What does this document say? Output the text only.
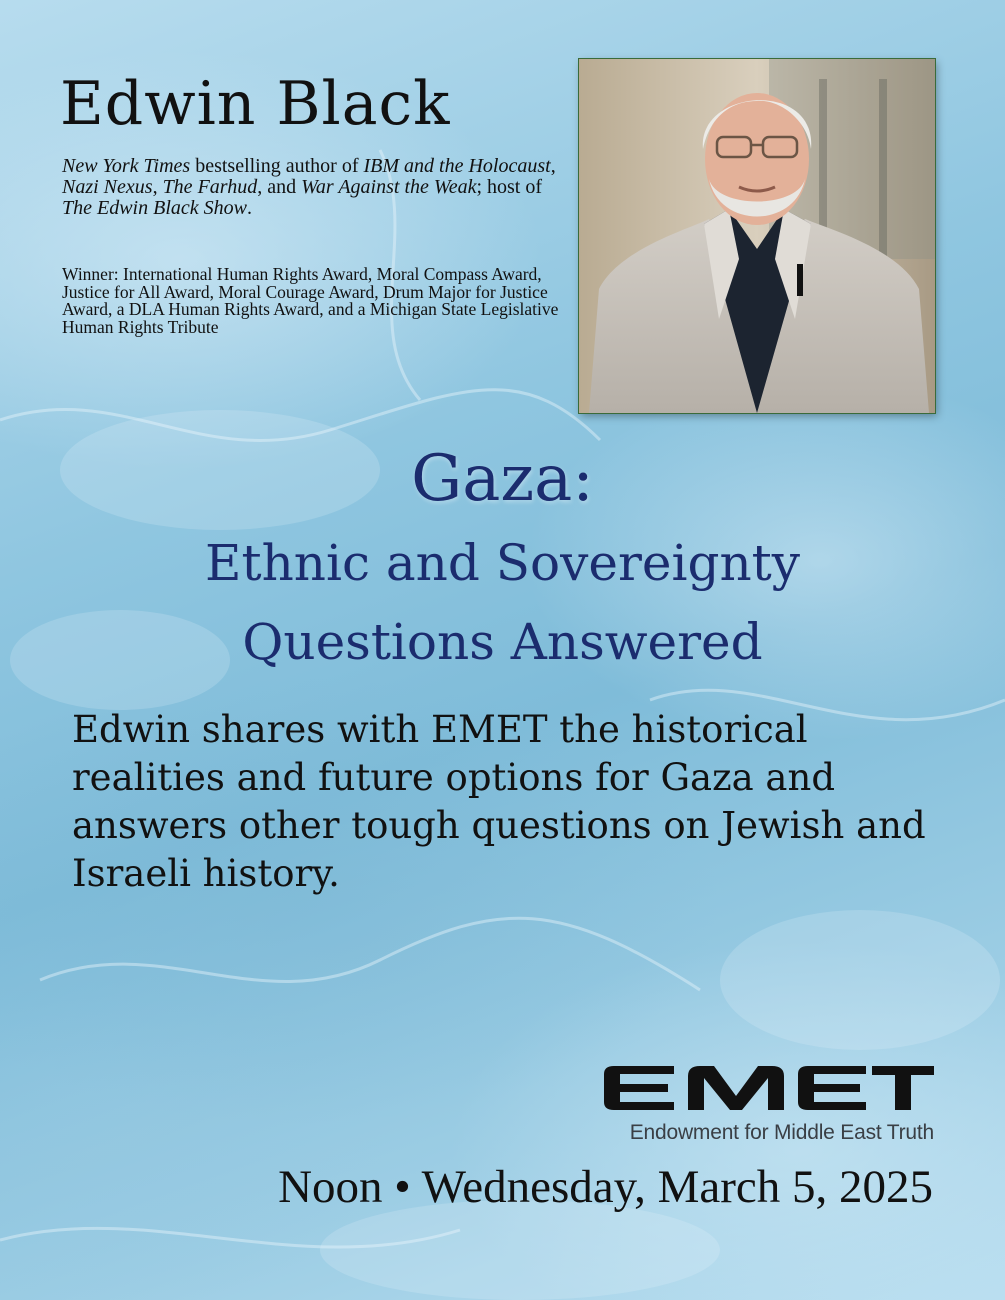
Edwin Black

New York Times bestselling author of IBM and the Holocaust, Nazi Nexus, The Farhud, and War Against the Weak; host of The Edwin Black Show.

Winner: International Human Rights Award, Moral Compass Award, Justice for All Award, Moral Courage Award, Drum Major for Justice Award, a DLA Human Rights Award, and a Michigan State Legislative Human Rights Tribute

Gaza:
Ethnic and Sovereignty
Questions Answered

Edwin shares with EMET the historical realities and future options for Gaza and answers other tough questions on Jewish and Israeli history.

Endowment for Middle East Truth

Noon • Wednesday, March 5, 2025
